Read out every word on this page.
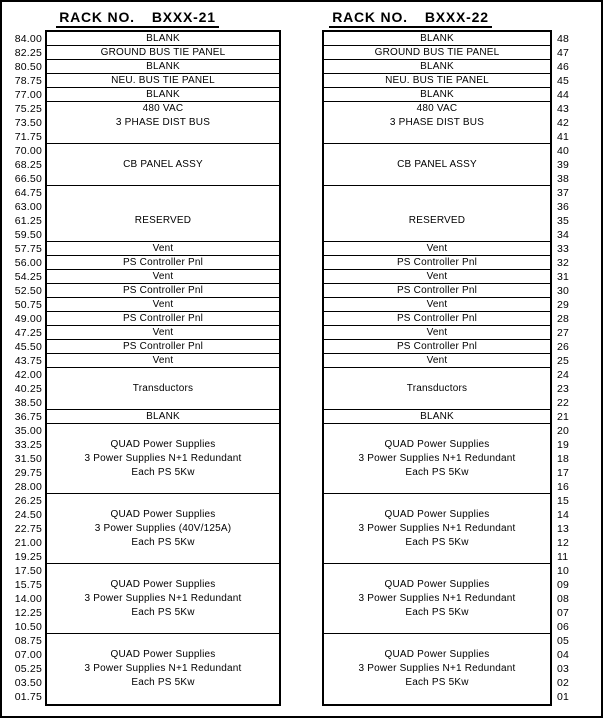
RACK NO. BXXX-21
84.00
82.25
80.50
78.75
77.00
75.25
73.50
71.75
70.00
68.25
66.50
64.75
63.00
61.25
59.50
57.75
56.00
54.25
52.50
50.75
49.00
47.25
45.50
43.75
42.00
40.25
38.50
36.75
35.00
33.25
31.50
29.75
28.00
26.25
24.50
22.75
21.00
19.25
17.50
15.75
14.00
12.25
10.50
08.75
07.00
05.25
03.50
01.75
BLANK
GROUND BUS TIE PANEL
BLANK
NEU. BUS TIE PANEL
BLANK
480 VAC
3 PHASE DIST BUS
CB PANEL ASSY
RESERVED
Vent
PS Controller Pnl
Vent
PS Controller Pnl
Vent
PS Controller Pnl
Vent
PS Controller Pnl
Vent
Transductors
BLANK
QUAD Power Supplies
3 Power Supplies N+1 Redundant
Each PS 5Kw
QUAD Power Supplies
3 Power Supplies (40V/125A)
Each PS 5Kw
QUAD Power Supplies
3 Power Supplies N+1 Redundant
Each PS 5Kw
QUAD Power Supplies
3 Power Supplies N+1 Redundant
Each PS 5Kw
RACK NO. BXXX-22
BLANK
GROUND BUS TIE PANEL
BLANK
NEU. BUS TIE PANEL
BLANK
480 VAC
3 PHASE DIST BUS
CB PANEL ASSY
RESERVED
Vent
PS Controller Pnl
Vent
PS Controller Pnl
Vent
PS Controller Pnl
Vent
PS Controller Pnl
Vent
Transductors
BLANK
QUAD Power Supplies
3 Power Supplies N+1 Redundant
Each PS 5Kw
QUAD Power Supplies
3 Power Supplies N+1 Redundant
Each PS 5Kw
QUAD Power Supplies
3 Power Supplies N+1 Redundant
Each PS 5Kw
QUAD Power Supplies
3 Power Supplies N+1 Redundant
Each PS 5Kw
48
47
46
45
44
43
42
41
40
39
38
37
36
35
34
33
32
31
30
29
28
27
26
25
24
23
22
21
20
19
18
17
16
15
14
13
12
11
10
09
08
07
06
05
04
03
02
01
